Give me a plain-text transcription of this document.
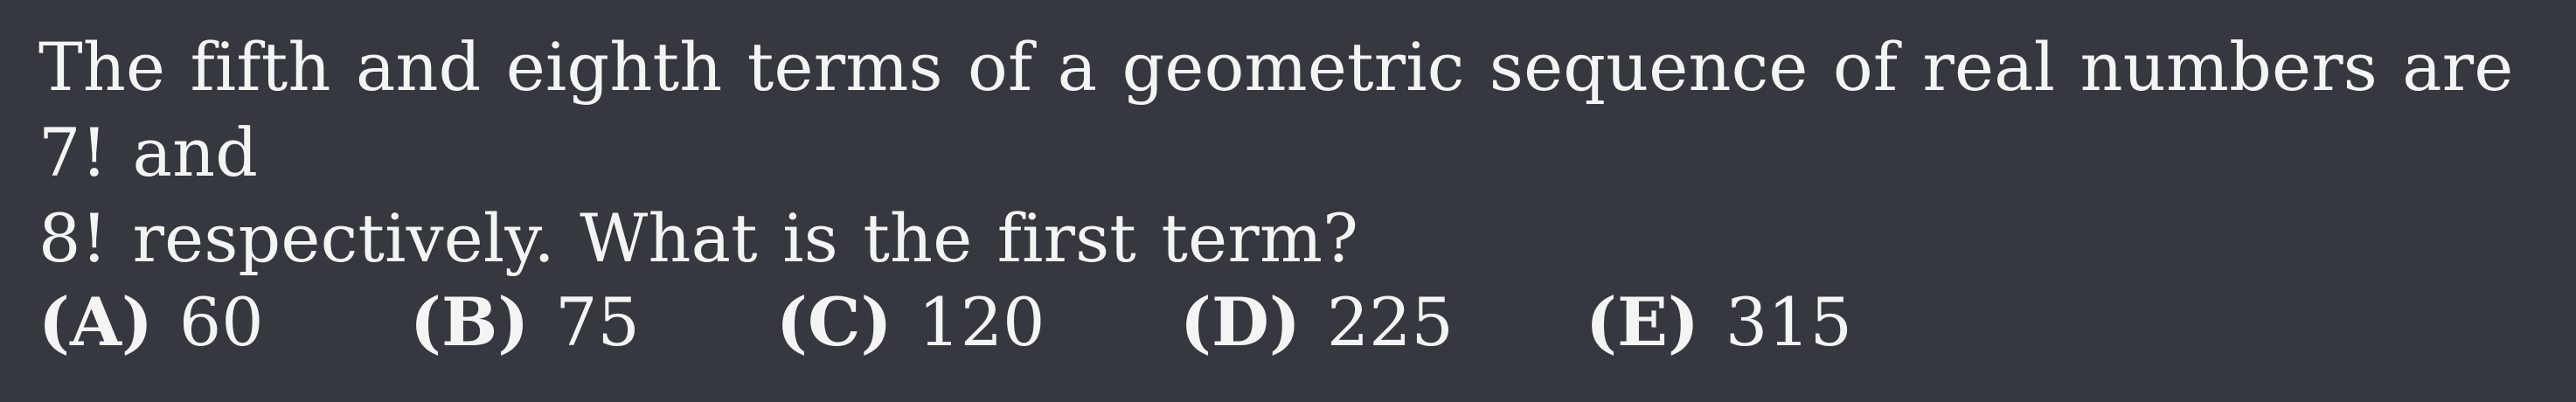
The fifth and eighth terms of a geometric sequence of real numbers are 7! and
8! respectively. What is the first term?
(A) 60 (B) 75 (C) 120 (D) 225 (E) 315
